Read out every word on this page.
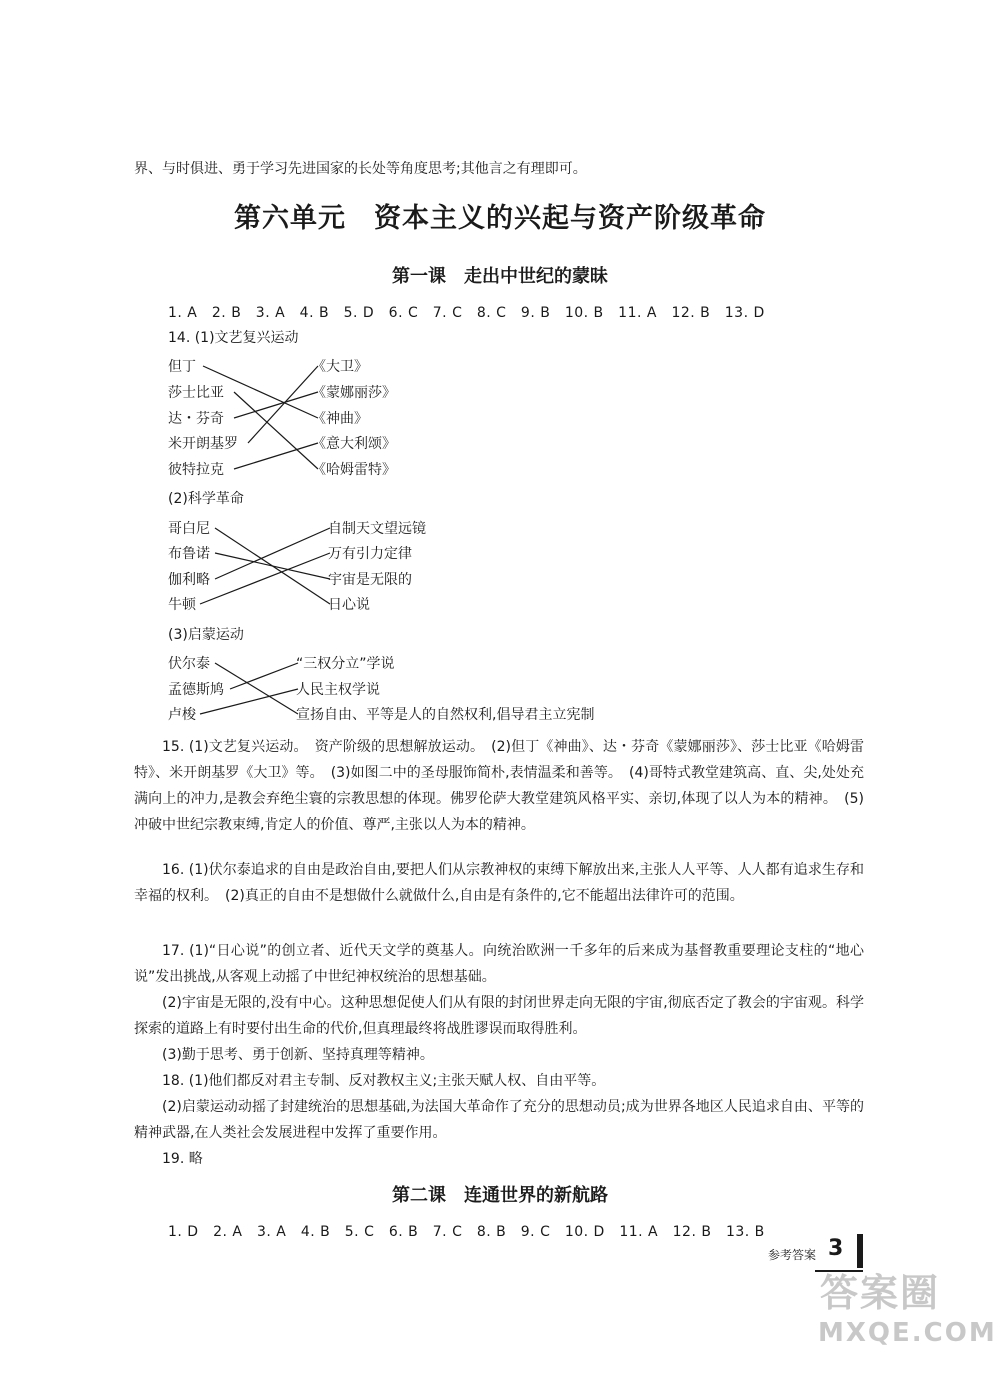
界、与时俱进、勇于学习先进国家的长处等角度思考;其他言之有理即可。
第六单元　资本主义的兴起与资产阶级革命
第一课　走出中世纪的蒙昧
1. A　2. B　3. A　4. B　5. D　6. C　7. C　8. C　9. B　10. B　11. A　12. B　13. D
14. (1)文艺复兴运动
但丁
莎士比亚
达・芬奇
米开朗基罗
彼特拉克
《大卫》
《蒙娜丽莎》
《神曲》
《意大利颂》
《哈姆雷特》
(2)科学革命
哥白尼
布鲁诺
伽利略
牛顿
自制天文望远镜
万有引力定律
宇宙是无限的
日心说
(3)启蒙运动
伏尔泰
孟德斯鸠
卢梭
“三权分立”学说
人民主权学说
宣扬自由、平等是人的自然权利,倡导君主立宪制
15. (1)文艺复兴运动。　资产阶级的思想解放运动。　(2)但丁《神曲》、达・芬奇《蒙娜丽莎》、莎士比亚《哈姆雷特》、米开朗基罗《大卫》等。　(3)如图二中的圣母服饰简朴,表情温柔和善等。　(4)哥特式教堂建筑高、直、尖,处处充满向上的冲力,是教会弃绝尘寰的宗教思想的体现。佛罗伦萨大教堂建筑风格平实、亲切,体现了以人为本的精神。　(5)冲破中世纪宗教束缚,肯定人的价值、尊严,主张以人为本的精神。
16. (1)伏尔泰追求的自由是政治自由,要把人们从宗教神权的束缚下解放出来,主张人人平等、人人都有追求生存和幸福的权利。　(2)真正的自由不是想做什么就做什么,自由是有条件的,它不能超出法律许可的范围。
17. (1)“日心说”的创立者、近代天文学的奠基人。向统治欧洲一千多年的后来成为基督教重要理论支柱的“地心说”发出挑战,从客观上动摇了中世纪神权统治的思想基础。
(2)宇宙是无限的,没有中心。这种思想促使人们从有限的封闭世界走向无限的宇宙,彻底否定了教会的宇宙观。科学探索的道路上有时要付出生命的代价,但真理最终将战胜谬误而取得胜利。
(3)勤于思考、勇于创新、坚持真理等精神。
18. (1)他们都反对君主专制、反对教权主义;主张天赋人权、自由平等。
(2)启蒙运动动摇了封建统治的思想基础,为法国大革命作了充分的思想动员;成为世界各地区人民追求自由、平等的精神武器,在人类社会发展进程中发挥了重要作用。
19. 略
第二课　连通世界的新航路
1. D　2. A　3. A　4. B　5. C　6. B　7. C　8. B　9. C　10. D　11. A　12. B　13. B
参考答案 3
答案圈
MXQE.COM
